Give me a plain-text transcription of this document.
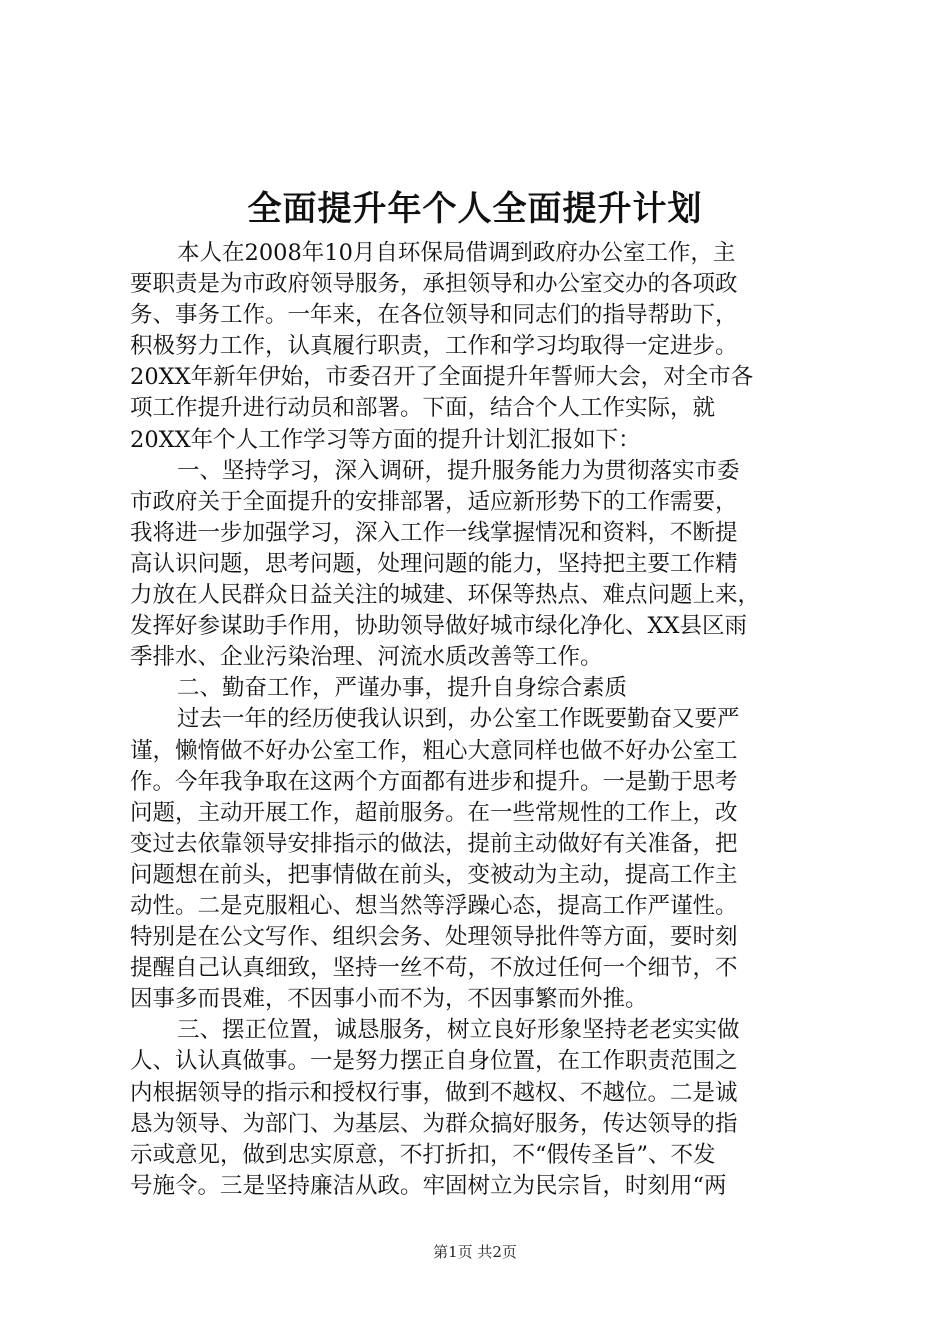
全面提升年个人全面提升计划
本人在2008年10月自环保局借调到政府办公室工作，主
要职责是为市政府领导服务，承担领导和办公室交办的各项政
务、事务工作。一年来，在各位领导和同志们的指导帮助下，
积极努力工作，认真履行职责，工作和学习均取得一定进步。
20XX年新年伊始，市委召开了全面提升年誓师大会，对全市各
项工作提升进行动员和部署。下面，结合个人工作实际，就
20XX年个人工作学习等方面的提升计划汇报如下：
一、坚持学习，深入调研，提升服务能力为贯彻落实市委
市政府关于全面提升的安排部署，适应新形势下的工作需要，
我将进一步加强学习，深入工作一线掌握情况和资料，不断提
高认识问题，思考问题，处理问题的能力，坚持把主要工作精
力放在人民群众日益关注的城建、环保等热点、难点问题上来，
发挥好参谋助手作用，协助领导做好城市绿化净化、XX县区雨
季排水、企业污染治理、河流水质改善等工作。
二、勤奋工作，严谨办事，提升自身综合素质
过去一年的经历使我认识到，办公室工作既要勤奋又要严
谨，懒惰做不好办公室工作，粗心大意同样也做不好办公室工
作。今年我争取在这两个方面都有进步和提升。一是勤于思考
问题，主动开展工作，超前服务。在一些常规性的工作上，改
变过去依靠领导安排指示的做法，提前主动做好有关准备，把
问题想在前头，把事情做在前头，变被动为主动，提高工作主
动性。二是克服粗心、想当然等浮躁心态，提高工作严谨性。
特别是在公文写作、组织会务、处理领导批件等方面，要时刻
提醒自己认真细致，坚持一丝不苟，不放过任何一个细节，不
因事多而畏难，不因事小而不为，不因事繁而外推。
三、摆正位置，诚恳服务，树立良好形象坚持老老实实做
人、认认真做事。一是努力摆正自身位置，在工作职责范围之
内根据领导的指示和授权行事，做到不越权、不越位。二是诚
恳为领导、为部门、为基层、为群众搞好服务，传达领导的指
示或意见，做到忠实原意，不打折扣，不“假传圣旨”、不发
号施令。三是坚持廉洁从政。牢固树立为民宗旨，时刻用“两
第1页 共2页
